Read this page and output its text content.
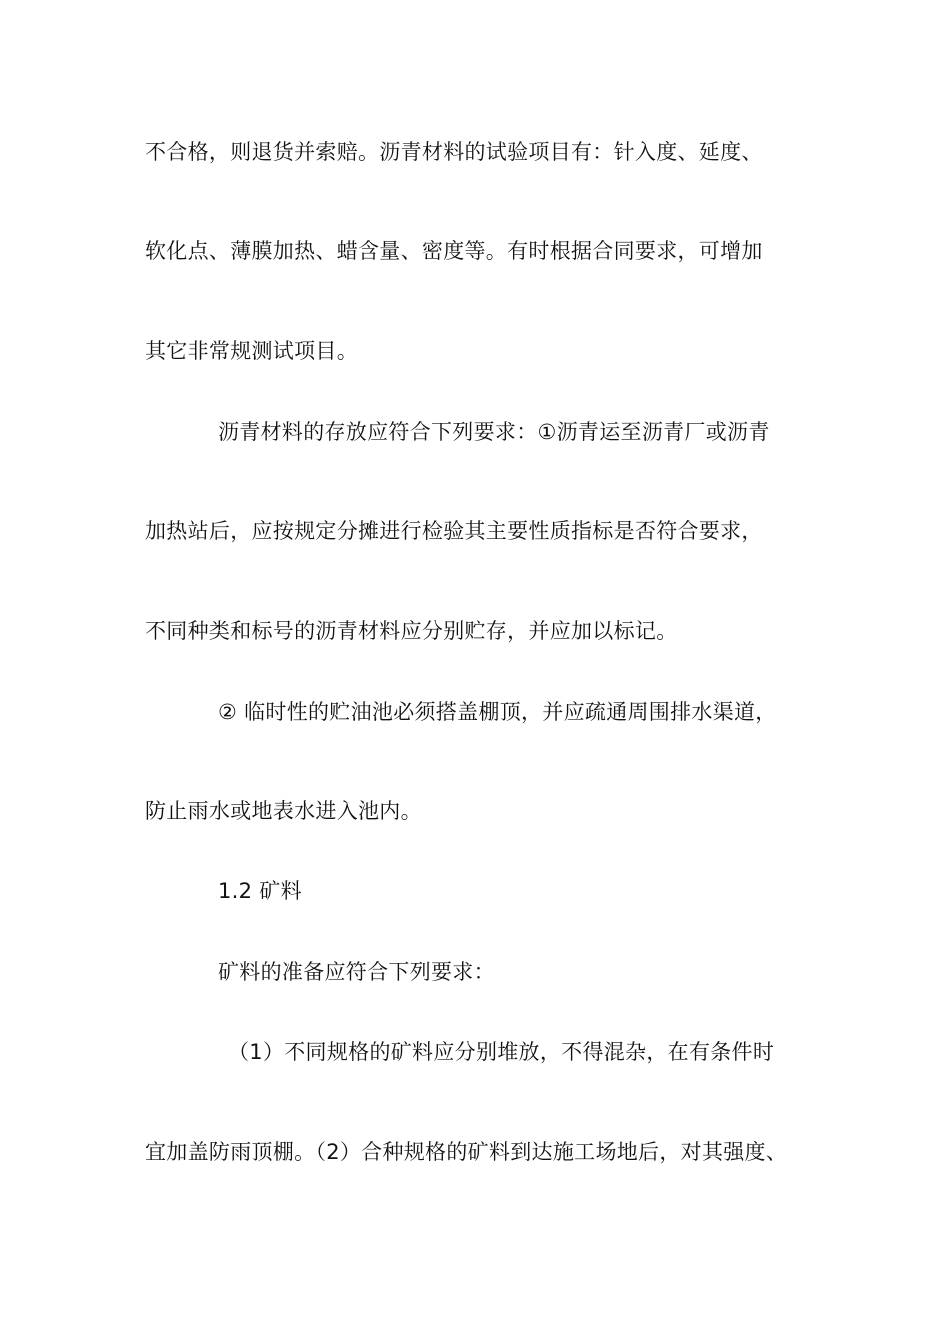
不合格，则退货并索赔。沥青材料的试验项目有：针入度、延度、
软化点、薄膜加热、蜡含量、密度等。有时根据合同要求，可增加
其它非常规测试项目。
沥青材料的存放应符合下列要求：①沥青运至沥青厂或沥青
加热站后，应按规定分摊进行检验其主要性质指标是否符合要求，
不同种类和标号的沥青材料应分别贮存，并应加以标记。
② 临时性的贮油池必须搭盖棚顶，并应疏通周围排水渠道，
防止雨水或地表水进入池内。
1.2 矿料
矿料的准备应符合下列要求：
（1）不同规格的矿料应分别堆放，不得混杂，在有条件时
宜加盖防雨顶棚。（2）合种规格的矿料到达施工场地后，对其强度、
